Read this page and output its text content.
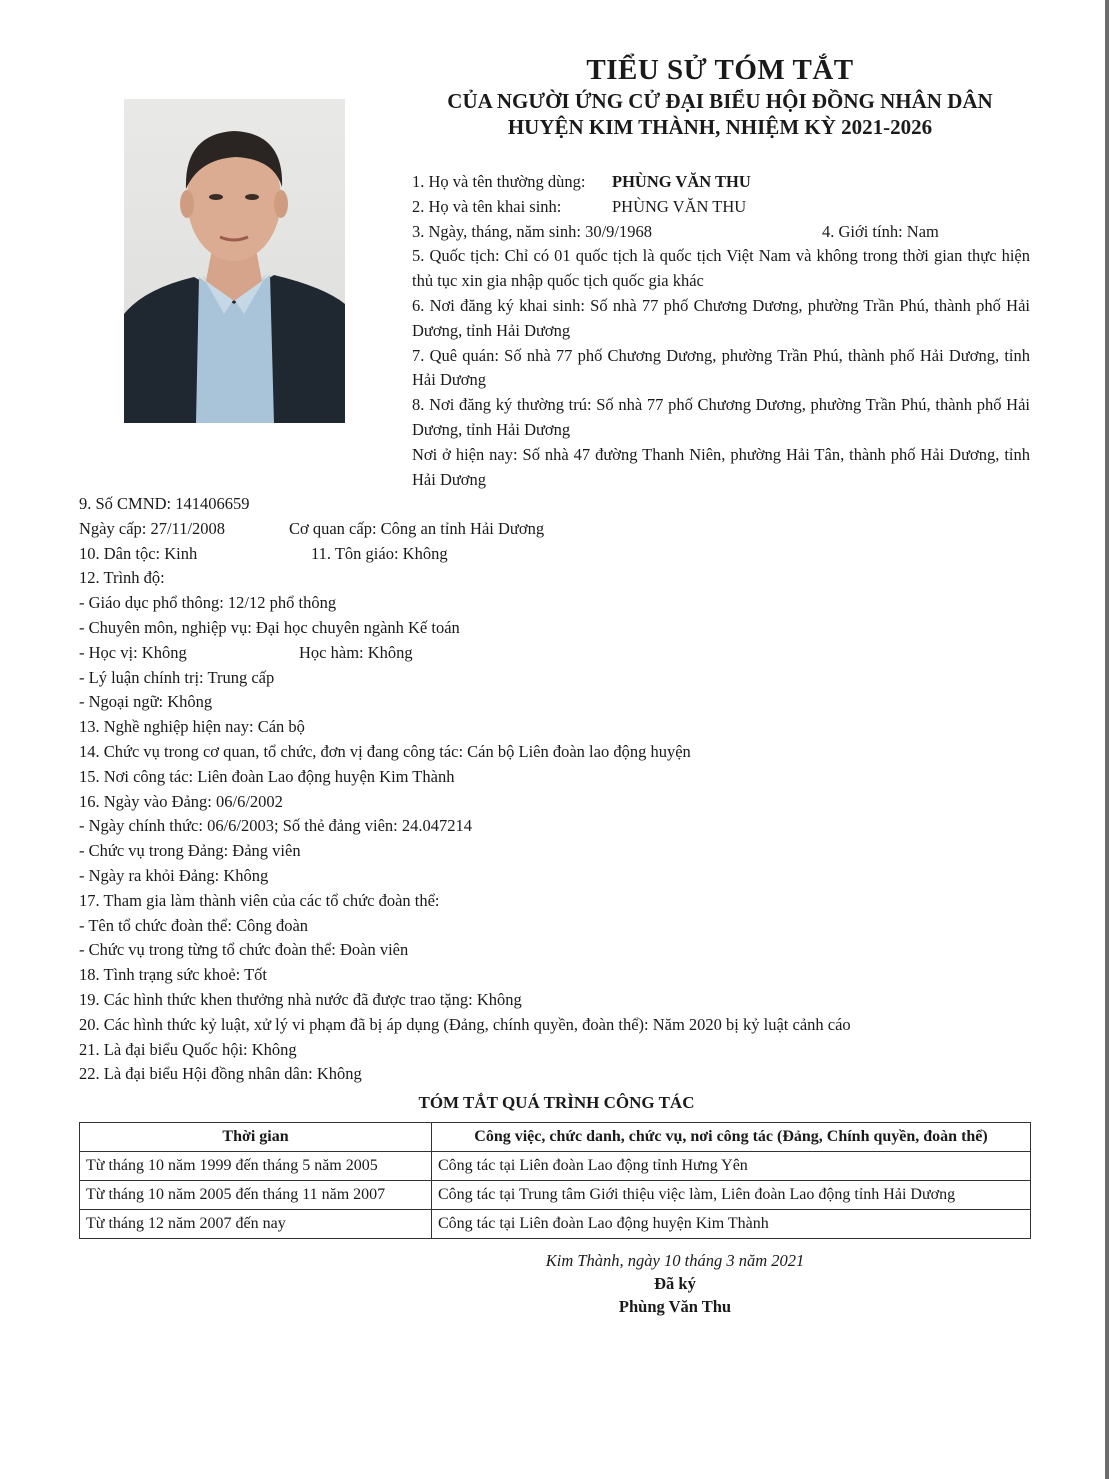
TIỂU SỬ TÓM TẮT
CỦA NGƯỜI ỨNG CỬ ĐẠI BIỂU HỘI ĐỒNG NHÂN DÂN
HUYỆN KIM THÀNH, NHIỆM KỲ 2021-2026
1. Họ và tên thường dùng: PHÙNG VĂN THU
2. Họ và tên khai sinh:	PHÙNG VĂN THU
3. Ngày, tháng, năm sinh: 30/9/1968	4. Giới tính: Nam
5. Quốc tịch: Chỉ có 01 quốc tịch là quốc tịch Việt Nam và không trong thời gian thực hiện thủ tục xin gia nhập quốc tịch quốc gia khác
6. Nơi đăng ký khai sinh: Số nhà 77 phố Chương Dương, phường Trần Phú, thành phố Hải Dương, tỉnh Hải Dương
7. Quê quán: Số nhà 77 phố Chương Dương, phường Trần Phú, thành phố Hải Dương, tỉnh Hải Dương
8. Nơi đăng ký thường trú: Số nhà 77 phố Chương Dương, phường Trần Phú, thành phố Hải Dương, tỉnh Hải Dương
Nơi ở hiện nay: Số nhà 47 đường Thanh Niên, phường Hải Tân, thành phố Hải Dương, tỉnh Hải Dương
9. Số CMND: 141406659
Ngày cấp: 27/11/2008	Cơ quan cấp: Công an tỉnh Hải Dương
10. Dân tộc: Kinh	11. Tôn giáo: Không
12. Trình độ:
- Giáo dục phổ thông: 12/12 phổ thông
- Chuyên môn, nghiệp vụ: Đại học chuyên ngành Kế toán
- Học vị: Không	Học hàm: Không
- Lý luận chính trị: Trung cấp
- Ngoại ngữ: Không
13. Nghề nghiệp hiện nay: Cán bộ
14. Chức vụ trong cơ quan, tổ chức, đơn vị đang công tác: Cán bộ Liên đoàn lao động huyện
15. Nơi công tác: Liên đoàn Lao động huyện Kim Thành
16. Ngày vào Đảng: 06/6/2002
- Ngày chính thức: 06/6/2003; Số thẻ đảng viên: 24.047214
- Chức vụ trong Đảng: Đảng viên
- Ngày ra khỏi Đảng: Không
17. Tham gia làm thành viên của các tổ chức đoàn thể:
- Tên tổ chức đoàn thể: Công đoàn
- Chức vụ trong từng tổ chức đoàn thể: Đoàn viên
18. Tình trạng sức khoẻ: Tốt
19. Các hình thức khen thưởng nhà nước đã được trao tặng: Không
20. Các hình thức kỷ luật, xử lý vi phạm đã bị áp dụng (Đảng, chính quyền, đoàn thể): Năm 2020 bị kỷ luật cảnh cáo
21. Là đại biểu Quốc hội: Không
22. Là đại biểu Hội đồng nhân dân: Không
TÓM TẮT QUÁ TRÌNH CÔNG TÁC
Thời gian	Công việc, chức danh, chức vụ, nơi công tác (Đảng, Chính quyền, đoàn thể)
Từ tháng 10 năm 1999 đến tháng 5 năm 2005	Công tác tại Liên đoàn Lao động tỉnh Hưng Yên
Từ tháng 10 năm 2005 đến tháng 11 năm 2007	Công tác tại Trung tâm Giới thiệu việc làm, Liên đoàn Lao động tỉnh Hải Dương
Từ tháng 12 năm 2007 đến nay	Công tác tại Liên đoàn Lao động huyện Kim Thành
Kim Thành, ngày 10 tháng 3 năm 2021
Đã ký
Phùng Văn Thu
